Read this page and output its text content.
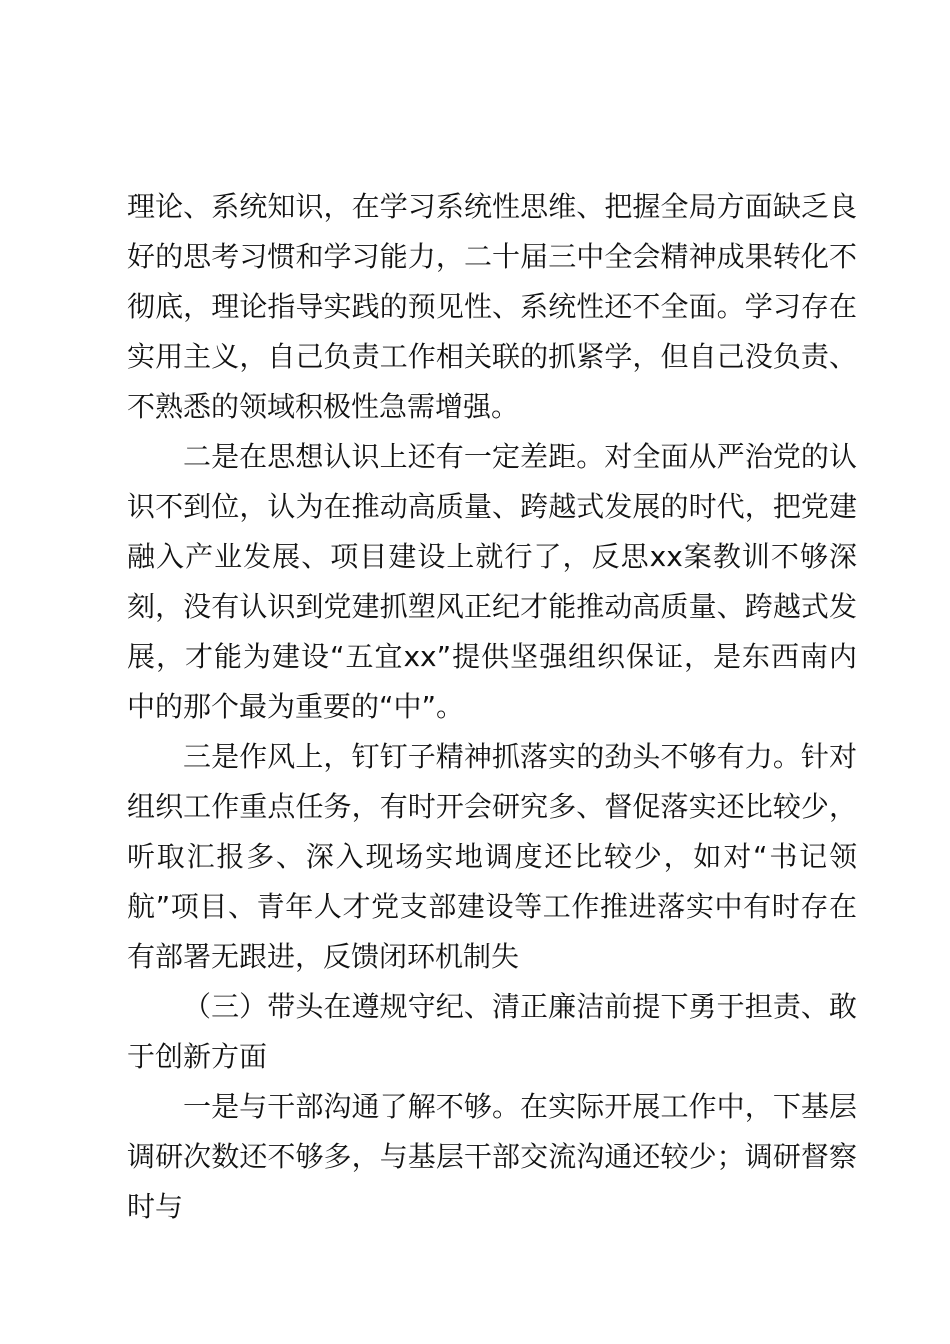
理论、系统知识，在学习系统性思维、把握全局方面缺乏良好的思考习惯和学习能力，二十届三中全会精神成果转化不彻底，理论指导实践的预见性、系统性还不全面。学习存在实用主义，自己负责工作相关联的抓紧学，但自己没负责、不熟悉的领域积极性急需增强。

二是在思想认识上还有一定差距。对全面从严治党的认识不到位，认为在推动高质量、跨越式发展的时代，把党建融入产业发展、项目建设上就行了，反思xx案教训不够深刻，没有认识到党建抓塑风正纪才能推动高质量、跨越式发展，才能为建设“五宜xx”提供坚强组织保证，是东西南内中的那个最为重要的“中”。

三是作风上，钉钉子精神抓落实的劲头不够有力。针对组织工作重点任务，有时开会研究多、督促落实还比较少，听取汇报多、深入现场实地调度还比较少，如对“书记领航”项目、青年人才党支部建设等工作推进落实中有时存在有部署无跟进，反馈闭环机制失

（三）带头在遵规守纪、清正廉洁前提下勇于担责、敢于创新方面

一是与干部沟通了解不够。在实际开展工作中，下基层调研次数还不够多，与基层干部交流沟通还较少；调研督察时与
